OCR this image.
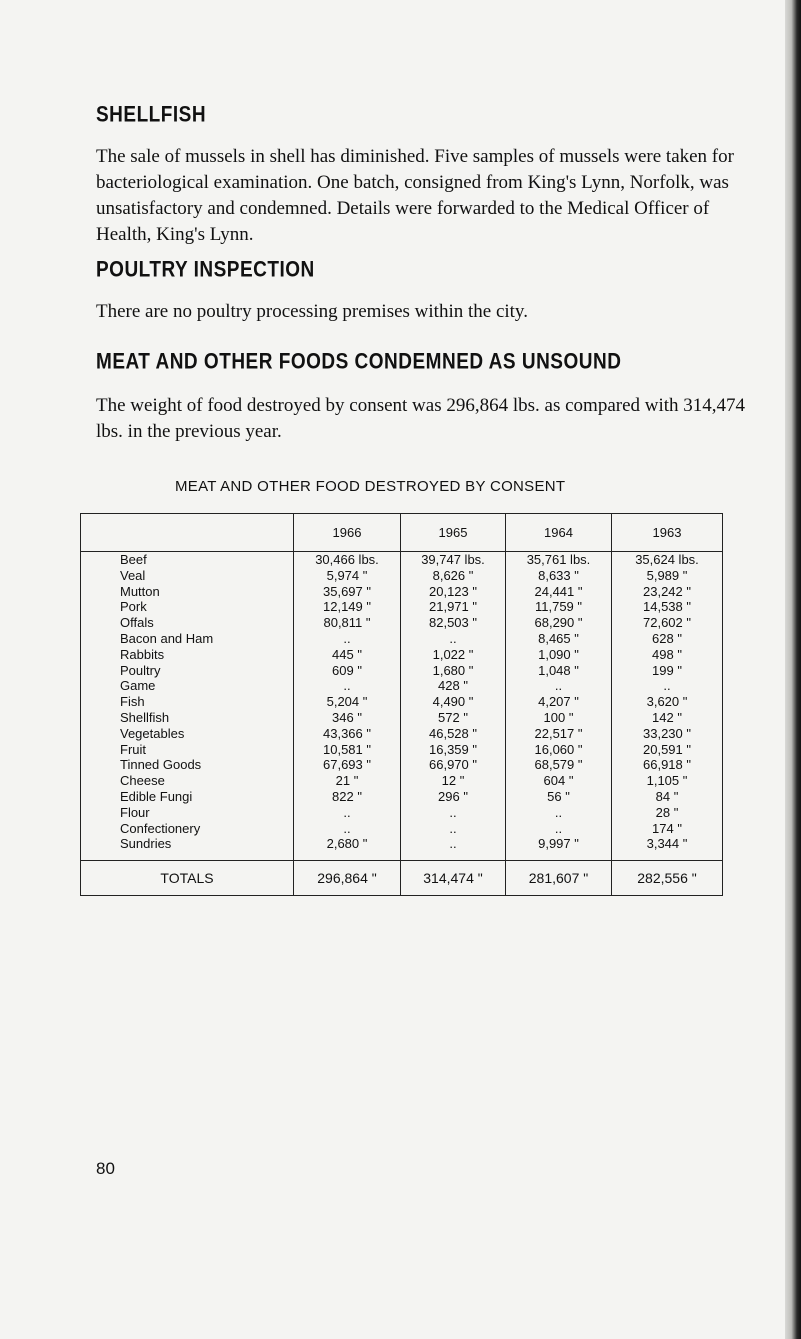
SHELLFISH
The sale of mussels in shell has diminished. Five samples of mussels were taken for bacteriological examination. One batch, consigned from King's Lynn, Norfolk, was unsatisfactory and condemned. Details were forwarded to the Medical Officer of Health, King's Lynn.
POULTRY INSPECTION
There are no poultry processing premises within the city.
MEAT AND OTHER FOODS CONDEMNED AS UNSOUND
The weight of food destroyed by consent was 296,864 lbs. as compared with 314,474 lbs. in the previous year.
MEAT AND OTHER FOOD DESTROYED BY CONSENT
	1966	1965	1964	1963
Beef	30,466 lbs.	39,747 lbs.	35,761 lbs.	35,624 lbs.
Veal	5,974 "	8,626 "	8,633 "	5,989 "
Mutton	35,697 "	20,123 "	24,441 "	23,242 "
Pork	12,149 "	21,971 "	11,759 "	14,538 "
Offals	80,811 "	82,503 "	68,290 "	72,602 "
Bacon and Ham	..	..	8,465 "	628 "
Rabbits	445 "	1,022 "	1,090 "	498 "
Poultry	609 "	1,680 "	1,048 "	199 "
Game	..	428 "	..	..
Fish	5,204 "	4,490 "	4,207 "	3,620 "
Shellfish	346 "	572 "	100 "	142 "
Vegetables	43,366 "	46,528 "	22,517 "	33,230 "
Fruit	10,581 "	16,359 "	16,060 "	20,591 "
Tinned Goods	67,693 "	66,970 "	68,579 "	66,918 "
Cheese	21 "	12 "	604 "	1,105 "
Edible Fungi	822 "	296 "	56 "	84 "
Flour	..	..	..	28 "
Confectionery	..	..	..	174 "
Sundries	2,680 "	..	9,997 "	3,344 "
TOTALS	296,864 "	314,474 "	281,607 "	282,556 "
80
